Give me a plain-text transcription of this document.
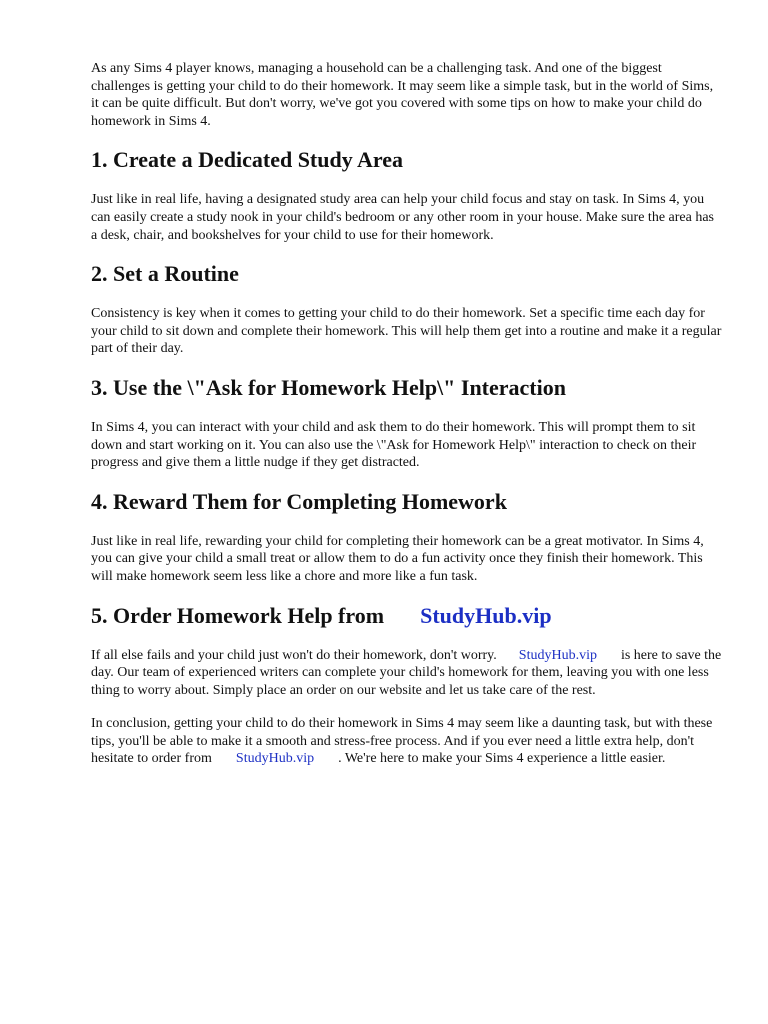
As any Sims 4 player knows, managing a household can be a challenging task. And one of the biggest challenges is getting your child to do their homework. It may seem like a simple task, but in the world of Sims, it can be quite difficult. But don't worry, we've got you covered with some tips on how to make your child do homework in Sims 4.

1. Create a Dedicated Study Area

Just like in real life, having a designated study area can help your child focus and stay on task. In Sims 4, you can easily create a study nook in your child's bedroom or any other room in your house. Make sure the area has a desk, chair, and bookshelves for your child to use for their homework.

2. Set a Routine

Consistency is key when it comes to getting your child to do their homework. Set a specific time each day for your child to sit down and complete their homework. This will help them get into a routine and make it a regular part of their day.

3. Use the \"Ask for Homework Help\" Interaction

In Sims 4, you can interact with your child and ask them to do their homework. This will prompt them to sit down and start working on it. You can also use the \"Ask for Homework Help\" interaction to check on their progress and give them a little nudge if they get distracted.

4. Reward Them for Completing Homework

Just like in real life, rewarding your child for completing their homework can be a great motivator. In Sims 4, you can give your child a small treat or allow them to do a fun activity once they finish their homework. This will make homework seem less like a chore and more like a fun task.

5. Order Homework Help from StudyHub.vip

If all else fails and your child just won't do their homework, don't worry. StudyHub.vip is here to save the day. Our team of experienced writers can complete your child's homework for them, leaving you with one less thing to worry about. Simply place an order on our website and let us take care of the rest.

In conclusion, getting your child to do their homework in Sims 4 may seem like a daunting task, but with these tips, you'll be able to make it a smooth and stress-free process. And if you ever need a little extra help, don't hesitate to order from StudyHub.vip . We're here to make your Sims 4 experience a little easier.
